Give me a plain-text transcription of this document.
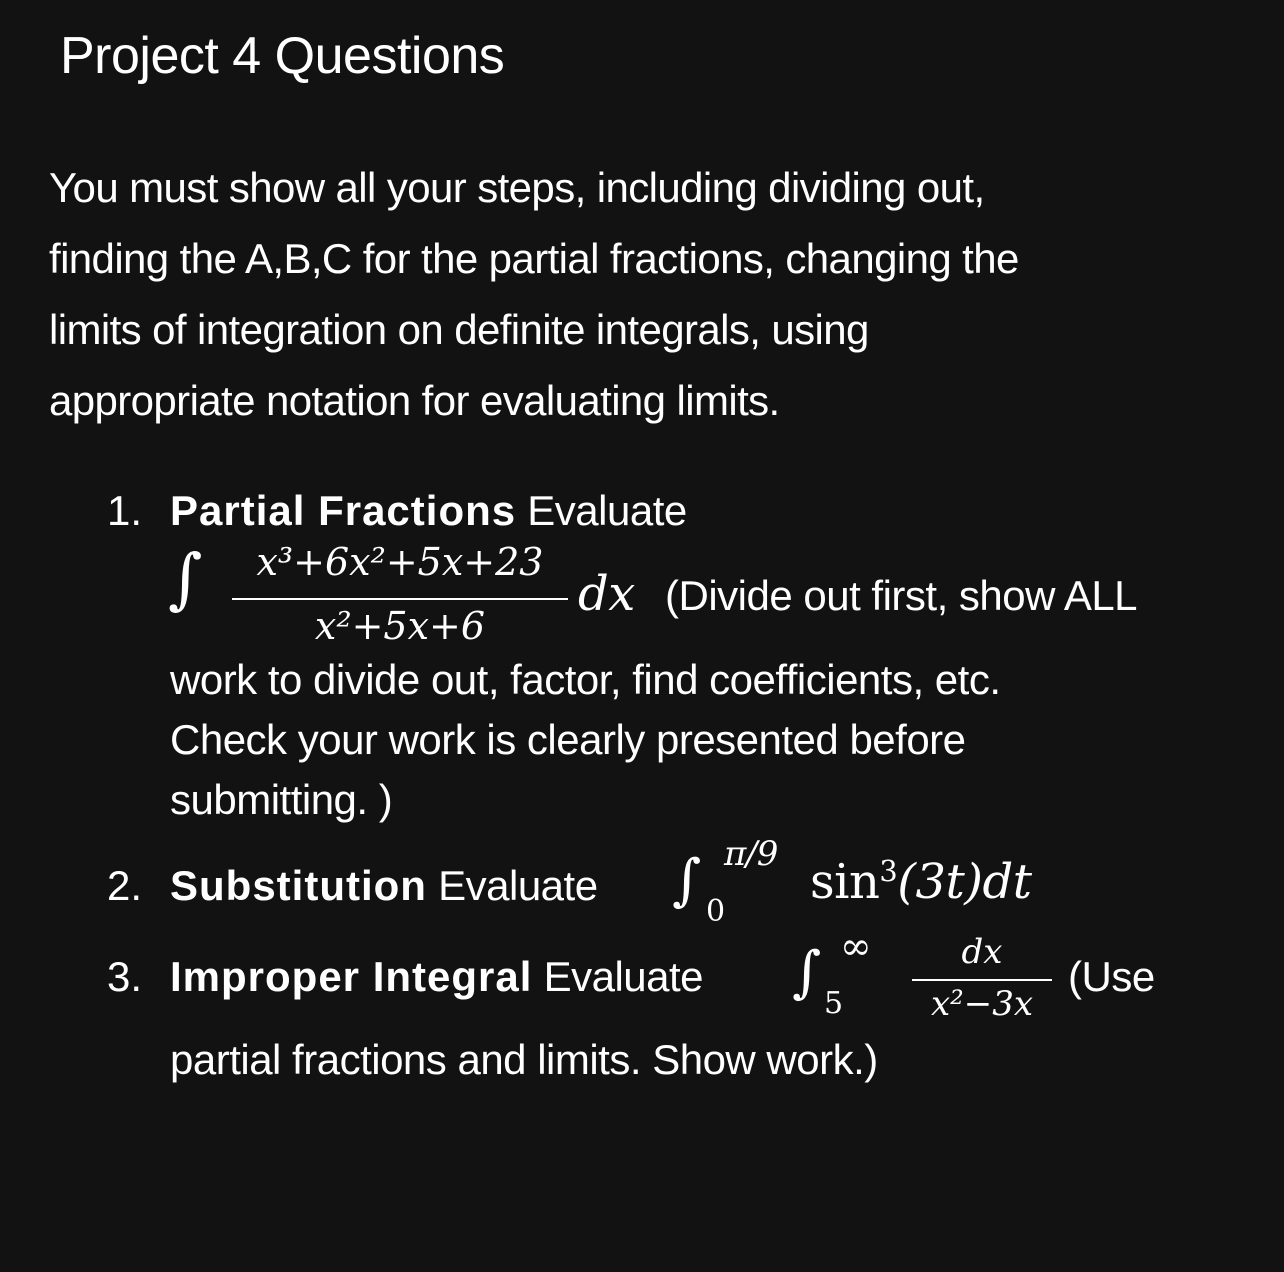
Project 4 Questions
You must show all your steps, including dividing out,
finding the A,B,C for the partial fractions, changing the
limits of integration on definite integrals, using
appropriate notation for evaluating limits.
1. Partial Fractions Evaluate
∫	x³+6x²+5x+23
x²+5x+6
dx (Divide out first, show ALL
work to divide out, factor, find coefficients, etc.
Check your work is clearly presented before
submitting. )
2. Substitution Evaluate ∫ π/9
0
$\sin^3(3t)dt$
3. Improper Integral Evaluate ∫ ∞
5
dx
x²−3x
(Use
partial fractions and limits. Show work.)
